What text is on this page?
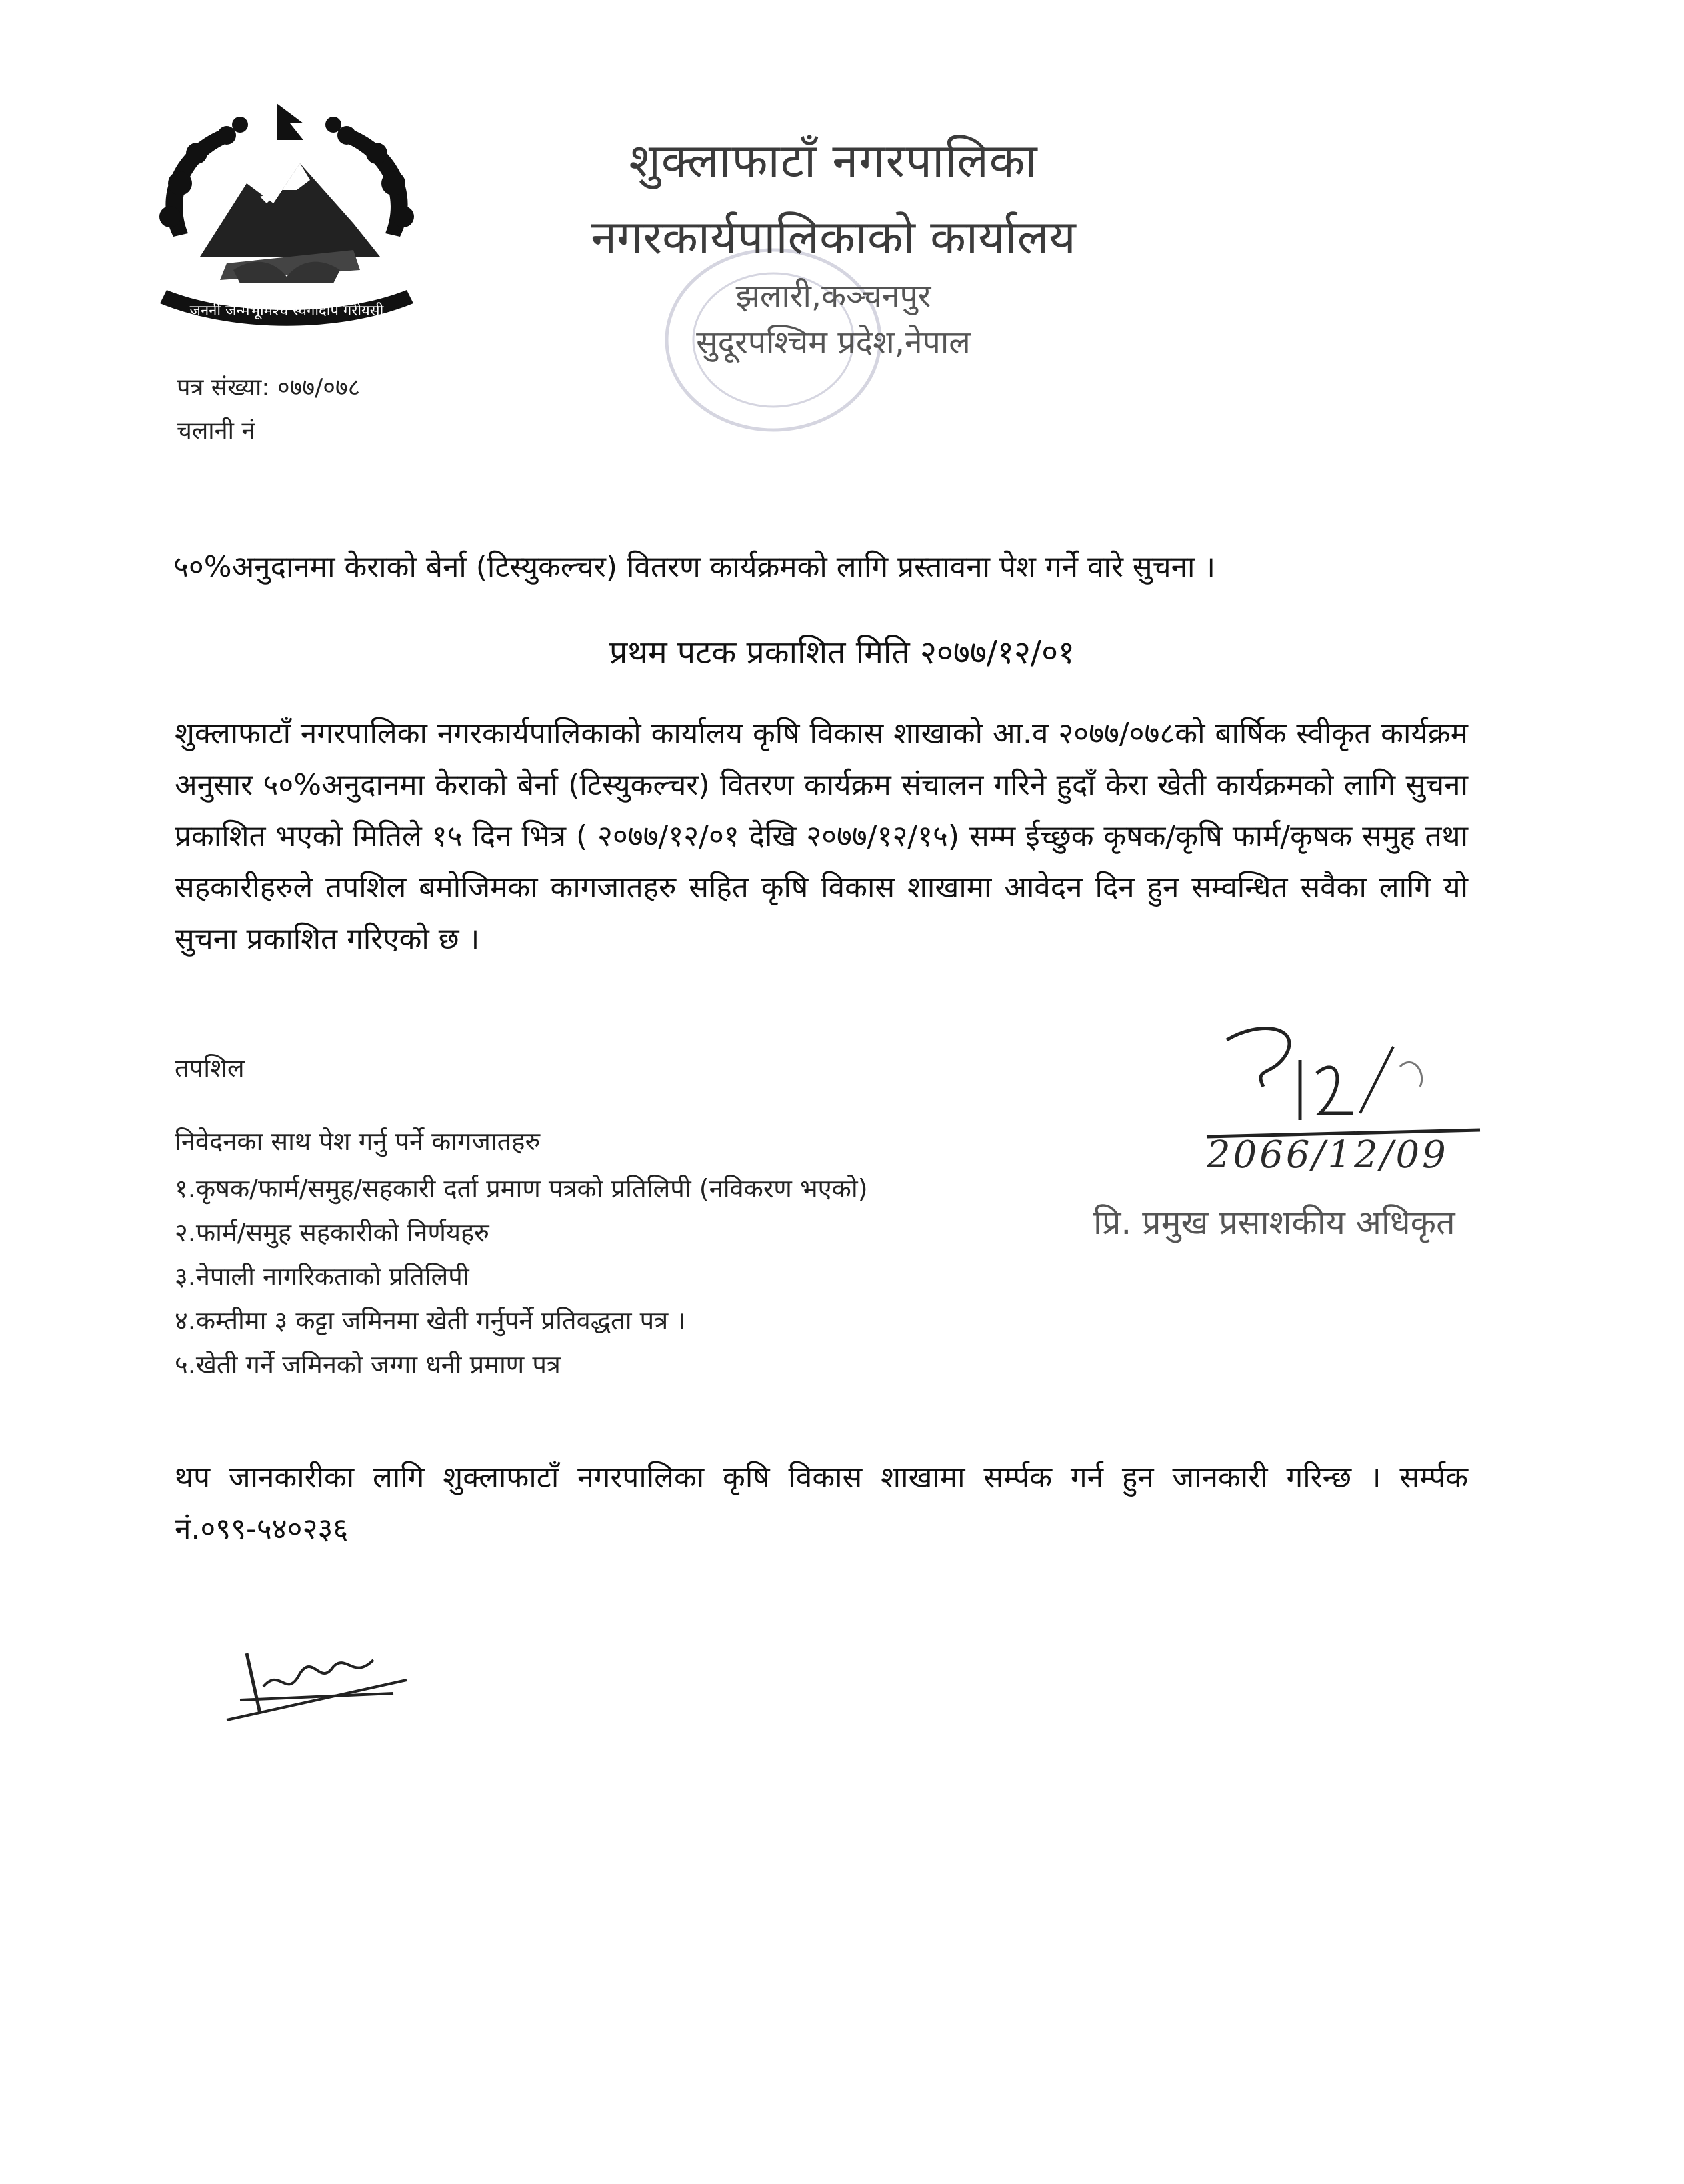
जननी जन्मभूमिश्च स्वर्गादपि गरीयसी
शुक्लाफाटाँ नगरपालिका
नगरकार्यपालिकाको कार्यालय
झलारी,कञ्चनपुर
सुदूरपश्चिम प्रदेश,नेपाल
पत्र संख्या: ०७७/०७८
चलानी नं
५०%अनुदानमा केराको बेर्ना (टिस्युकल्चर) वितरण कार्यक्रमको लागि प्रस्तावना पेश गर्ने वारे सुचना ।
प्रथम पटक प्रकाशित मिति २०७७/१२/०१
शुक्लाफाटाँ नगरपालिका नगरकार्यपालिकाको कार्यालय कृषि विकास शाखाको आ.व २०७७/०७८को बार्षिक स्वीकृत कार्यक्रम अनुसार ५०%अनुदानमा केराको बेर्ना (टिस्युकल्चर) वितरण कार्यक्रम संचालन गरिने हुदाँ केरा खेती कार्यक्रमको लागि सुचना प्रकाशित भएको मितिले १५ दिन भित्र ( २०७७/१२/०१ देखि २०७७/१२/१५) सम्म ईच्छुक कृषक/कृषि फार्म/कृषक समुह तथा सहकारीहरुले तपशिल बमोजिमका कागजातहरु सहित कृषि विकास शाखामा आवेदन दिन हुन सम्वन्धित सवैका लागि यो सुचना प्रकाशित गरिएको छ ।
तपशिल
निवेदनका साथ पेश गर्नु पर्ने कागजातहरु
१.कृषक/फार्म/समुह/सहकारी दर्ता प्रमाण पत्रको प्रतिलिपी (नविकरण भएको)
२.फार्म/समुह सहकारीको निर्णयहरु
३.नेपाली नागरिकताको प्रतिलिपी
४.कम्तीमा ३ कट्टा जमिनमा खेती गर्नुपर्ने प्रतिवद्धता पत्र ।
५.खेती गर्ने जमिनको जग्गा धनी प्रमाण पत्र
थप जानकारीका लागि शुक्लाफाटाँ नगरपालिका कृषि विकास शाखामा सर्म्पक गर्न हुन जानकारी गरिन्छ । सर्म्पक नं.०९९-५४०२३६
2066/12/09
प्रि. प्रमुख प्रसाशकीय अधिकृत
